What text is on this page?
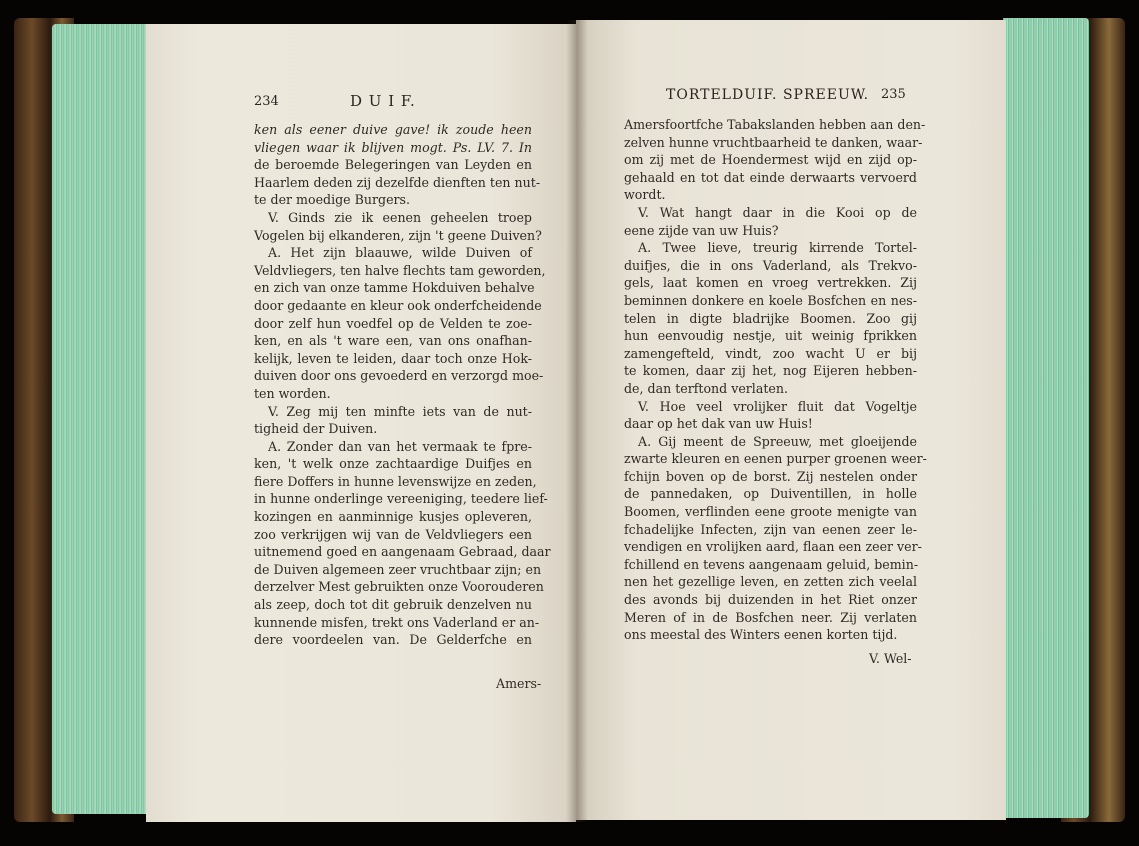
234	D U I F.
ken als eener duive gave! ik zoude heen
vliegen waar ik blijven mogt. Ps. LV. 7. In
de beroemde Belegeringen van Leyden en
Haarlem deden zij dezelfde dienften ten nut-
te der moedige Burgers.
V. Ginds zie ik eenen geheelen troep
Vogelen bij elkanderen, zijn 't geene Duiven?
A. Het zijn blaauwe, wilde Duiven of
Veldvliegers, ten halve flechts tam geworden,
en zich van onze tamme Hokduiven behalve
door gedaante en kleur ook onderfcheidende
door zelf hun voedfel op de Velden te zoe-
ken, en als 't ware een, van ons onafhan-
kelijk, leven te leiden, daar toch onze Hok-
duiven door ons gevoederd en verzorgd moe-
ten worden.
V. Zeg mij ten minfte iets van de nut-
tigheid der Duiven.
A. Zonder dan van het vermaak te fpre-
ken, 't welk onze zachtaardige Duifjes en
fiere Doffers in hunne levenswijze en zeden,
in hunne onderlinge vereeniging, teedere lief-
kozingen en aanminnige kusjes opleveren,
zoo verkrijgen wij van de Veldvliegers een
uitnemend goed en aangenaam Gebraad, daar
de Duiven algemeen zeer vruchtbaar zijn; en
derzelver Mest gebruikten onze Voorouderen
als zeep, doch tot dit gebruik denzelven nu
kunnende misfen, trekt ons Vaderland er an-
dere voordeelen van. De Gelderfche en
Amers-
TORTELDUIF. SPREEUW. 235
Amersfoortfche Tabakslanden hebben aan den-
zelven hunne vruchtbaarheid te danken, waar-
om zij met de Hoendermest wijd en zijd op-
gehaald en tot dat einde derwaarts vervoerd
wordt.
V. Wat hangt daar in die Kooi op de
eene zijde van uw Huis?
A. Twee lieve, treurig kirrende Tortel-
duifjes, die in ons Vaderland, als Trekvo-
gels, laat komen en vroeg vertrekken. Zij
beminnen donkere en koele Bosfchen en nes-
telen in digte bladrijke Boomen. Zoo gij
hun eenvoudig nestje, uit weinig fprikken
zamengefteld, vindt, zoo wacht U er bij
te komen, daar zij het, nog Eijeren hebben-
de, dan terftond verlaten.
V. Hoe veel vrolijker fluit dat Vogeltje
daar op het dak van uw Huis!
A. Gij meent de Spreeuw, met gloeijende
zwarte kleuren en eenen purper groenen weer-
fchijn boven op de borst. Zij nestelen onder
de pannedaken, op Duiventillen, in holle
Boomen, verflinden eene groote menigte van
fchadelijke Infecten, zijn van eenen zeer le-
vendigen en vrolijken aard, flaan een zeer ver-
fchillend en tevens aangenaam geluid, bemin-
nen het gezellige leven, en zetten zich veelal
des avonds bij duizenden in het Riet onzer
Meren of in de Bosfchen neer. Zij verlaten
ons meestal des Winters eenen korten tijd.
V. Wel-
